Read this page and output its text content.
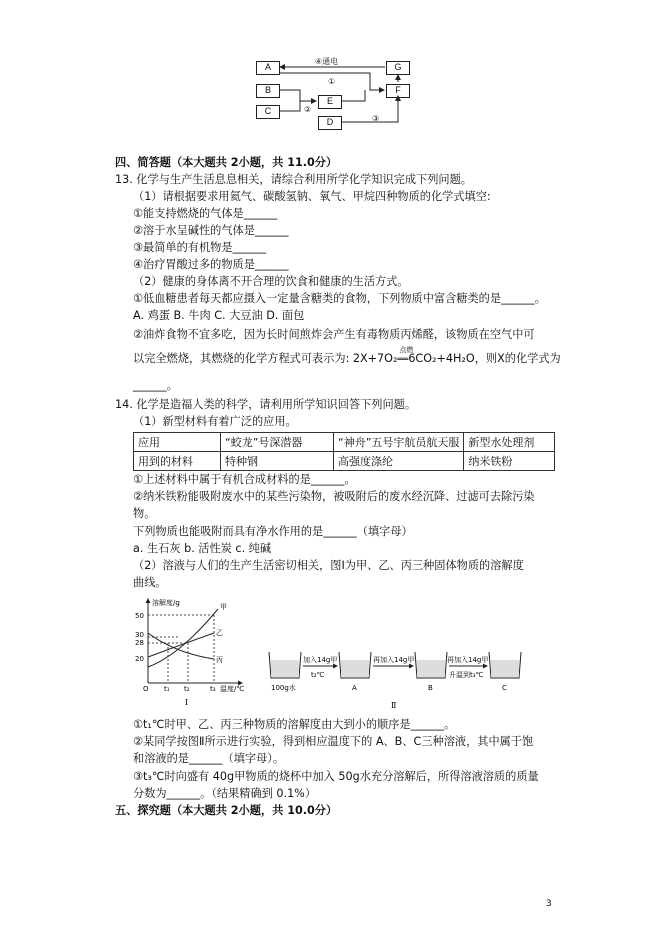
A
B
C
E
D
G
F
④通电
①
②
③
四、简答题（本大题共 2小题，共 11.0分）
13. 化学与生产生活息息相关，请综合利用所学化学知识完成下列问题。
（1）请根据要求用氦气、碳酸氢钠、氧气、甲烷四种物质的化学式填空:
①能支持燃烧的气体是______
②溶于水呈碱性的气体是______
③最简单的有机物是______
④治疗胃酸过多的物质是______
（2）健康的身体离不开合理的饮食和健康的生活方式。
①低血糖患者每天都应摄入一定量含糖类的食物，下列物质中富含糖类的是______。
A. 鸡蛋 B. 牛肉 C. 大豆油 D. 面包
②油炸食物不宜多吃，因为长时间煎炸会产生有毒物质丙烯醛，该物质在空气中可
以完全燃烧，其燃烧的化学方程式可表示为: 2X+7O₂
点燃
══6CO₂+4H₂O，则X的化学式为
______。
14. 化学是造福人类的科学，请利用所学知识回答下列问题。
（1）新型材料有着广泛的应用。
应用	“蛟龙”号深潜器	“神舟”五号宇航员航天服	新型水处理剂
用到的材料	特种钢	高强度涤纶	纳米铁粉
①上述材料中属于有机合成材料的是______。
②纳米铁粉能吸附废水中的某些污染物，被吸附后的废水经沉降、过滤可去除污染
物。
下列物质也能吸附而具有净水作用的是______（填字母）
a. 生石灰 b. 活性炭 c. 纯碱
（2）溶液与人们的生产生活密切相关，图Ⅰ为甲、乙、丙三种固体物质的溶解度
曲线。
溶解度/g
50
30
28
20
O t₁ t₂	t₃ 温度/℃
甲
乙
丙
Ⅰ
100g水
加入14g甲
t₂℃
A
再加入14g甲
B
再加入14g甲
升温到t₃℃
C
Ⅱ
①t₁℃时甲、乙、丙三种物质的溶解度由大到小的顺序是______。
②某同学按图Ⅱ所示进行实验，得到相应温度下的 A、B、C三种溶液，其中属于饱
和溶液的是______（填字母）。
③t₃℃时向盛有 40g甲物质的烧杯中加入 50g水充分溶解后，所得溶液溶质的质量
分数为______。（结果精确到 0.1%）
五、探究题（本大题共 2小题，共 10.0分）
3
